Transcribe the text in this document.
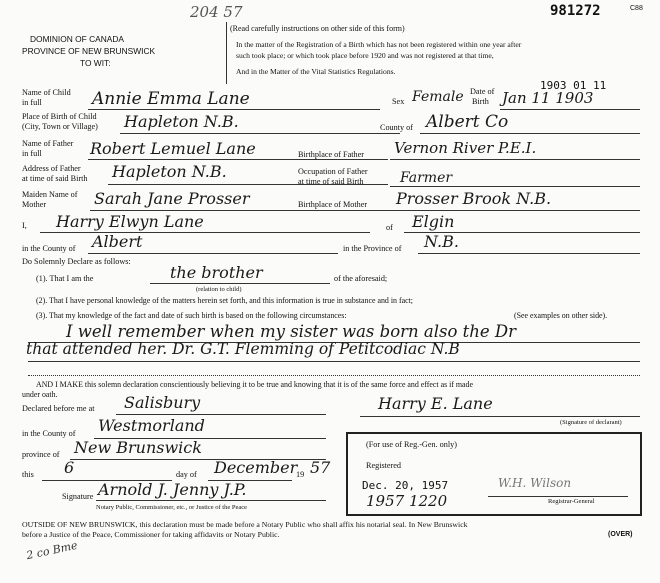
204 57	981272	C88
DOMINION OF CANADA
PROVINCE OF NEW BRUNSWICK
TO WIT:
(Read carefully instructions on other side of this form)
In the matter of the Registration of a Birth which has not been registered within one year after
such took place; or which took place before 1920 and was not registered at that time,
And in the Matter of the Vital Statistics Regulations.
1903 01 11
Name of Child
in full	Annie Emma Lane	Sex Female Date of
Birth Jan 11 1903
Place of Birth of Child
(City, Town or Village) Hapleton N.B.	County of Albert Co
Name of Father
in full	Robert Lemuel Lane	Birthplace of Father Vernon River P.E.I.
Address of Father
at time of said Birth Hapleton N.B.	Occupation of Father
at time of said Birth	Farmer
Maiden Name of
Mother	Sarah Jane Prosser	Birthplace of Mother Prosser Brook N.B.
I, Harry Elwyn Lane	of Elgin
in the County of Albert	in the Province of N.B.
Do Solemnly Declare as follows:
(1). That I am the	the brother	of the aforesaid;
(relation to child)
(2). That I have personal knowledge of the matters herein set forth, and this information is true in substance and in fact;
(3). That my knowledge of the fact and date of such birth is based on the following circumstances:	(See examples on other side).
I well remember when my sister was born also the Dr
that attended her. Dr. G.T. Flemming of Petitcodiac N.B
AND I MAKE this solemn declaration conscientiously believing it to be true and knowing that it is of the same force and effect as if made
under oath.
Declared before me at Salisbury	Harry E. Lane
(Signature of declarant)
in the County of Westmorland
province of New Brunswick
this 6	day of December
19 57
Signature Arnold J. Jenny J.P.
Notary Public, Commissioner, etc., or Justice of the Peace
(For use of Reg.-Gen. only)
Registered
Dec. 20, 1957
1957 1220
W.H. Wilson
Registrar-General
OUTSIDE OF NEW BRUNSWICK, this declaration must be made before a Notary Public who shall affix his notarial seal. In New Brunswick
before a Justice of the Peace, Commissioner for taking affidavits or Notary Public.	(OVER)
2 co Bme
